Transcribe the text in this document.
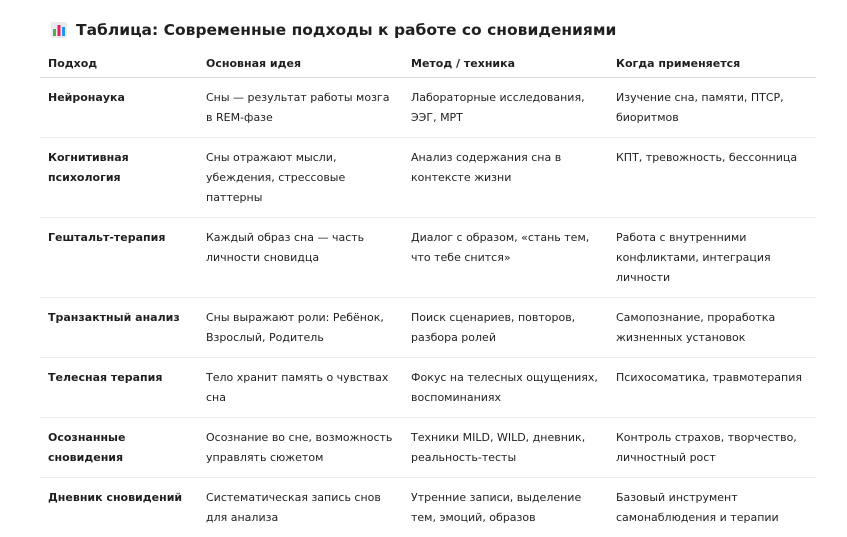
Таблица: Современные подходы к работе со сновидениями
Подход	Основная идея	Метод / техника	Когда применяется
Нейронаука	Сны — результат работы мозга в REM-фазе	Лабораторные исследования, ЭЭГ, МРТ	Изучение сна, памяти, ПТСР, биоритмов
Когнитивная психология	Сны отражают мысли, убеждения, стрессовые паттерны	Анализ содержания сна в контексте жизни	КПТ, тревожность, бессонница
Гештальт-терапия	Каждый образ сна — часть личности сновидца	Диалог с образом, «стань тем, что тебе снится»	Работа с внутренними конфликтами, интеграция личности
Транзактный анализ	Сны выражают роли: Ребёнок, Взрослый, Родитель	Поиск сценариев, повторов, разбора ролей	Самопознание, проработка жизненных установок
Телесная терапия	Тело хранит память о чувствах сна	Фокус на телесных ощущениях, воспоминаниях	Психосоматика, травмотерапия
Осознанные сновидения	Осознание во сне, возможность управлять сюжетом	Техники MILD, WILD, дневник, реальность-тесты	Контроль страхов, творчество, личностный рост
Дневник сновидений	Систематическая запись снов для анализа	Утренние записи, выделение тем, эмоций, образов	Базовый инструмент самонаблюдения и терапии
